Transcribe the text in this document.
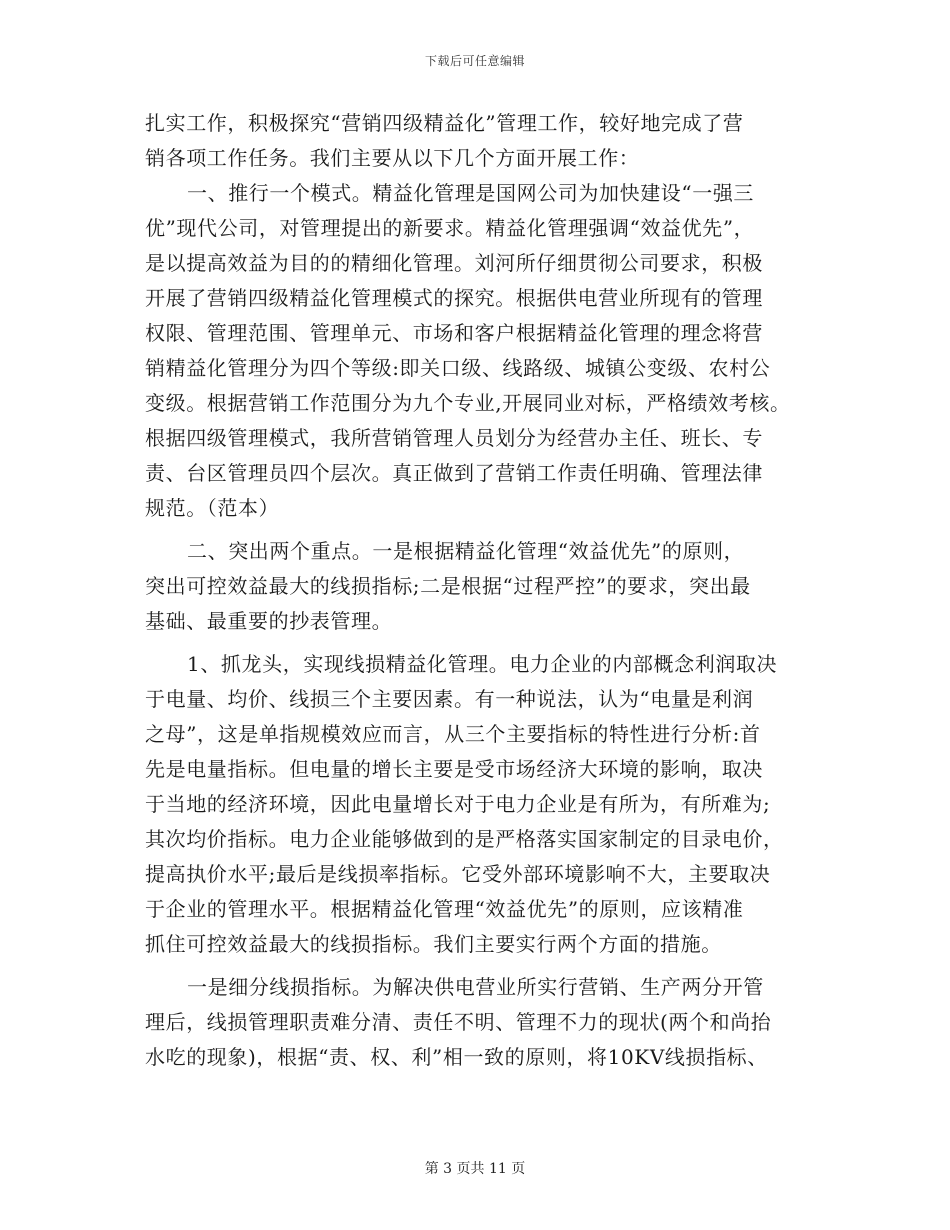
下载后可任意编辑
扎实工作，积极探究“营销四级精益化”管理工作，较好地完成了营
销各项工作任务。我们主要从以下几个方面开展工作：
一、推行一个模式。精益化管理是国网公司为加快建设“一强三
优”现代公司，对管理提出的新要求。精益化管理强调“效益优先”，
是以提高效益为目的的精细化管理。刘河所仔细贯彻公司要求，积极
开展了营销四级精益化管理模式的探究。根据供电营业所现有的管理
权限、管理范围、管理单元、市场和客户根据精益化管理的理念将营
销精益化管理分为四个等级:即关口级、线路级、城镇公变级、农村公
变级。根据营销工作范围分为九个专业,开展同业对标，严格绩效考核。
根据四级管理模式，我所营销管理人员划分为经营办主任、班长、专
责、台区管理员四个层次。真正做到了营销工作责任明确、管理法律
规范。（范本）
二、突出两个重点。一是根据精益化管理“效益优先”的原则，
突出可控效益最大的线损指标;二是根据“过程严控”的要求，突出最
基础、最重要的抄表管理。
1、抓龙头，实现线损精益化管理。电力企业的内部概念利润取决
于电量、均价、线损三个主要因素。有一种说法，认为“电量是利润
之母”，这是单指规模效应而言，从三个主要指标的特性进行分析:首
先是电量指标。但电量的增长主要是受市场经济大环境的影响，取决
于当地的经济环境，因此电量增长对于电力企业是有所为，有所难为;
其次均价指标。电力企业能够做到的是严格落实国家制定的目录电价，
提高执价水平;最后是线损率指标。它受外部环境影响不大，主要取决
于企业的管理水平。根据精益化管理“效益优先”的原则，应该精准
抓住可控效益最大的线损指标。我们主要实行两个方面的措施。
一是细分线损指标。为解决供电营业所实行营销、生产两分开管
理后，线损管理职责难分清、责任不明、管理不力的现状(两个和尚抬
水吃的现象)，根据“责、权、利”相一致的原则，将10KV线损指标、
第 3 页共 11 页
